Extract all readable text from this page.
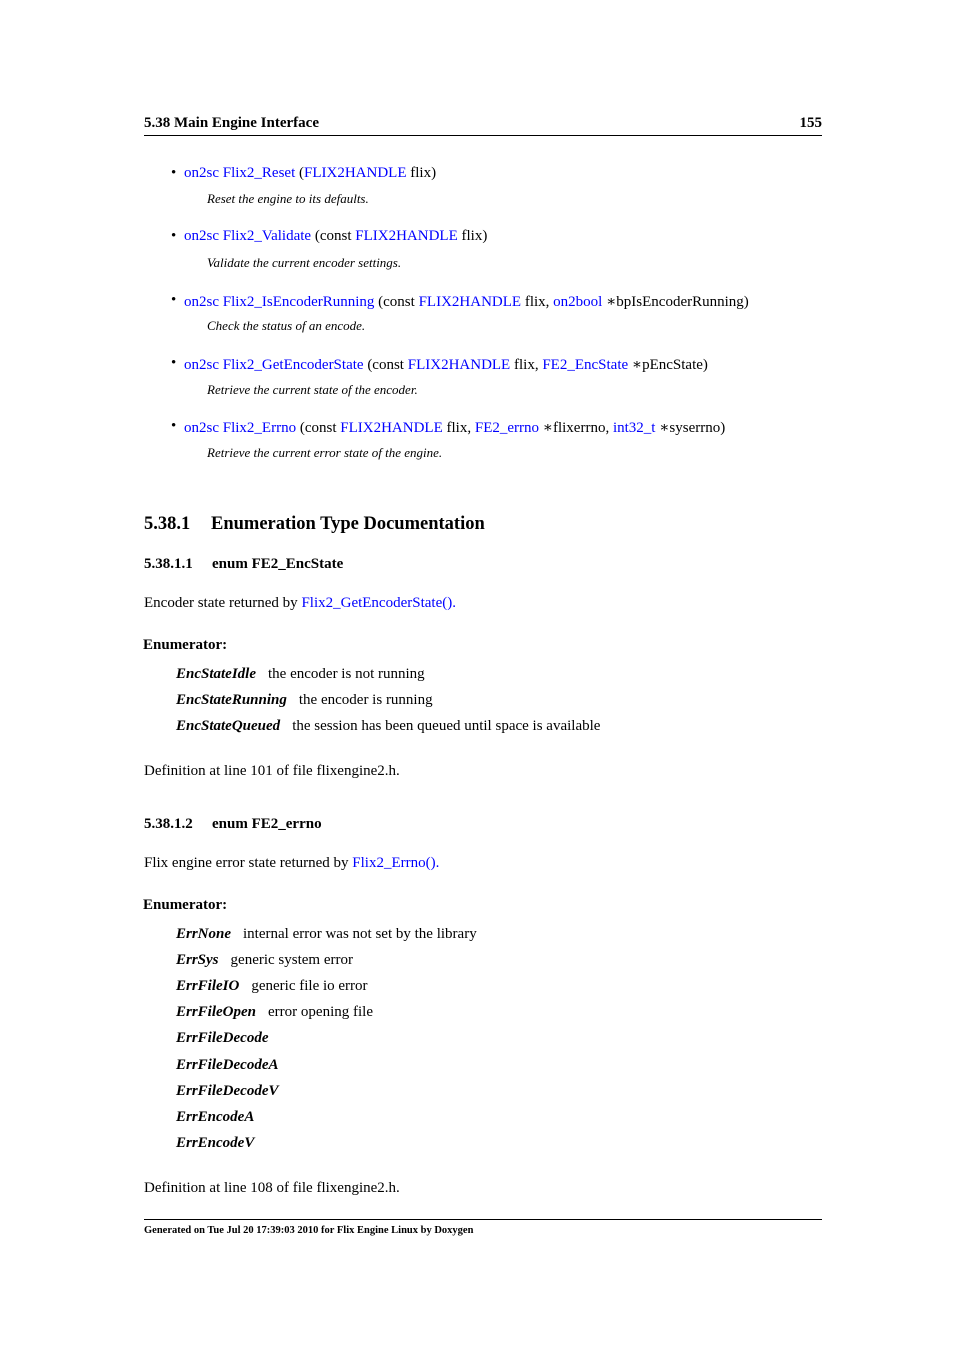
5.38 Main Engine Interface	155
• on2sc Flix2_Reset (FLIX2HANDLE flix)
Reset the engine to its defaults.
• on2sc Flix2_Validate (const FLIX2HANDLE flix)
Validate the current encoder settings.
• on2sc Flix2_IsEncoderRunning (const FLIX2HANDLE flix, on2bool ∗bpIsEncoderRunning)
Check the status of an encode.
• on2sc Flix2_GetEncoderState (const FLIX2HANDLE flix, FE2_EncState ∗pEncState)
Retrieve the current state of the encoder.
• on2sc Flix2_Errno (const FLIX2HANDLE flix, FE2_errno ∗flixerrno, int32_t ∗syserrno)
Retrieve the current error state of the engine.
5.38.1 Enumeration Type Documentation
5.38.1.1 enum FE2_EncState
Encoder state returned by Flix2_GetEncoderState().
Enumerator:
EncStateIdle the encoder is not running
EncStateRunning the encoder is running
EncStateQueued the session has been queued until space is available
Definition at line 101 of file flixengine2.h.
5.38.1.2 enum FE2_errno
Flix engine error state returned by Flix2_Errno().
Enumerator:
ErrNone internal error was not set by the library
ErrSys generic system error
ErrFileIO generic file io error
ErrFileOpen error opening file
ErrFileDecode
ErrFileDecodeA
ErrFileDecodeV
ErrEncodeA
ErrEncodeV
Definition at line 108 of file flixengine2.h.
Generated on Tue Jul 20 17:39:03 2010 for Flix Engine Linux by Doxygen
